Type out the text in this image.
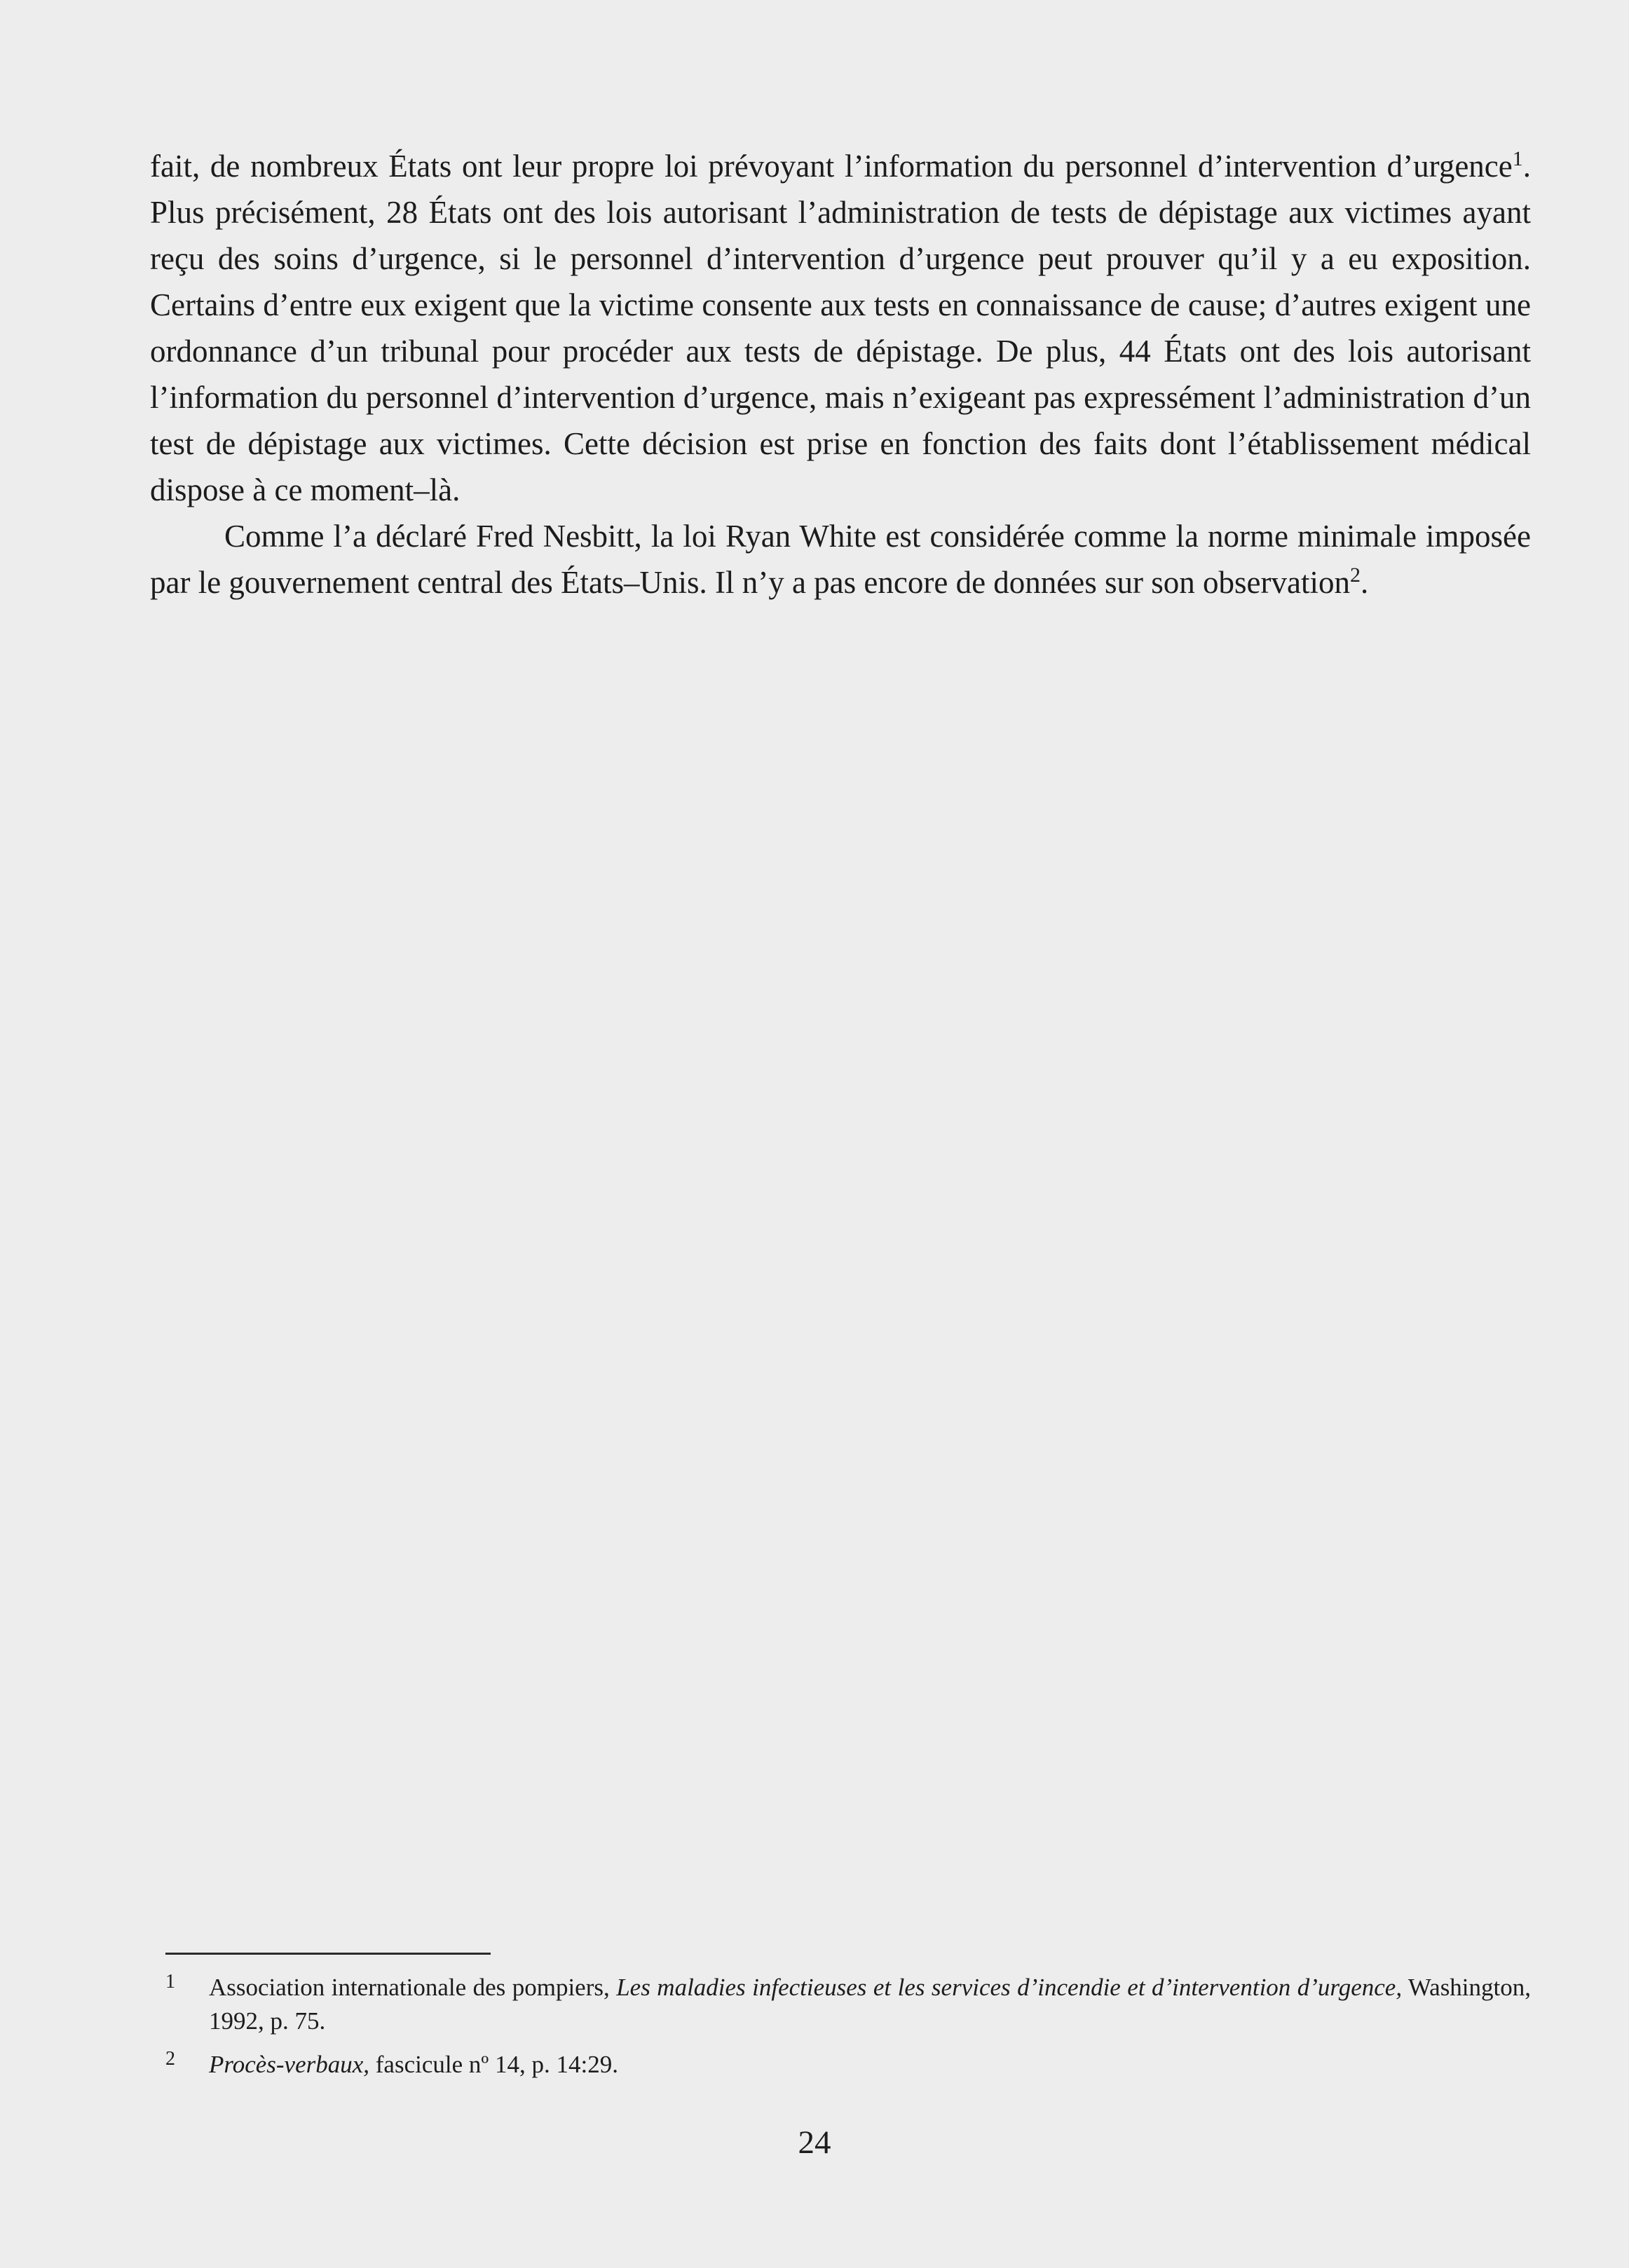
fait, de nombreux États ont leur propre loi prévoyant l’information du personnel d’intervention d’urgence$^1$. Plus précisément, 28 États ont des lois autorisant l’administration de tests de dépistage aux victimes ayant reçu des soins d’urgence, si le personnel d’intervention d’urgence peut prouver qu’il y a eu exposition. Certains d’entre eux exigent que la victime consente aux tests en connaissance de cause; d’autres exigent une ordonnance d’un tribunal pour procéder aux tests de dépistage. De plus, 44 États ont des lois autorisant l’information du personnel d’intervention d’urgence, mais n’exigeant pas expressément l’administration d’un test de dépistage aux victimes. Cette décision est prise en fonction des faits dont l’établissement médical dispose à ce moment–là.

Comme l’a déclaré Fred Nesbitt, la loi Ryan White est considérée comme la norme minimale imposée par le gouvernement central des États–Unis. Il n’y a pas encore de données sur son observation$^2$.

1 Association internationale des pompiers, Les maladies infectieuses et les services d’incendie et d’intervention d’urgence, Washington, 1992, p. 75.
2 Procès-verbaux, fascicule nº 14, p. 14:29.
24
